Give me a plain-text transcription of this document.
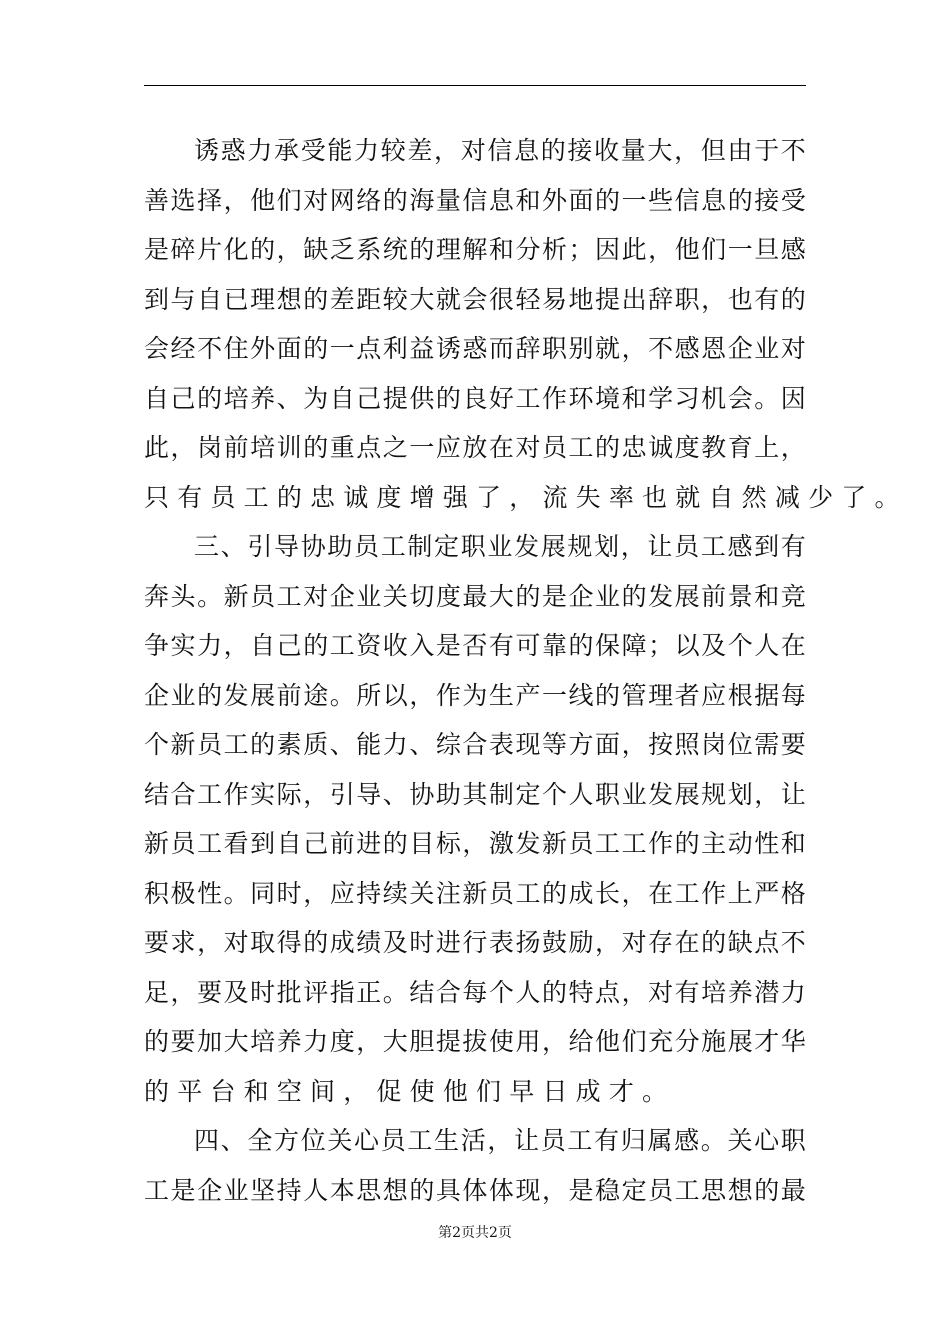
诱 惑 力 承 受 能 力 较 差 ， 对 信 息 的 接 收 量 大 ， 但 由 于 不
善 选 择 ， 他 们 对 网 络 的 海 量 信 息 和 外 面 的 一 些 信 息 的 接 受
是 碎 片 化 的 ， 缺 乏 系 统 的 理 解 和 分 析 ； 因 此 ， 他 们 一 旦 感
到 与 自 已 理 想 的 差 距 较 大 就 会 很 轻 易 地 提 出 辞 职 ， 也 有 的
会 经 不 住 外 面 的 一 点 利 益 诱 惑 而 辞 职 别 就 ， 不 感 恩 企 业 对
自 己 的 培 养 、 为 自 己 提 供 的 良 好 工 作 环 境 和 学 习 机 会 。 因
此 ， 岗 前 培 训 的 重 点 之 一 应 放 在 对 员 工 的 忠 诚 度 教 育 上 ，
只 有 员 工 的 忠 诚 度 增 强 了 ， 流 失 率 也 就 自 然 减 少 了 。
三 、 引 导 协 助 员 工 制 定 职 业 发 展 规 划 ， 让 员 工 感 到 有
奔 头 。 新 员 工 对 企 业 关 切 度 最 大 的 是 企 业 的 发 展 前 景 和 竞
争 实 力 ， 自 己 的 工 资 收 入 是 否 有 可 靠 的 保 障 ； 以 及 个 人 在
企 业 的 发 展 前 途 。 所 以 ， 作 为 生 产 一 线 的 管 理 者 应 根 据 每
个 新 员 工 的 素 质 、 能 力 、 综 合 表 现 等 方 面 ， 按 照 岗 位 需 要
结 合 工 作 实 际 ， 引 导 、 协 助 其 制 定 个 人 职 业 发 展 规 划 ， 让
新 员 工 看 到 自 己 前 进 的 目 标 ， 激 发 新 员 工 工 作 的 主 动 性 和
积 极 性 。 同 时 ， 应 持 续 关 注 新 员 工 的 成 长 ， 在 工 作 上 严 格
要 求 ， 对 取 得 的 成 绩 及 时 进 行 表 扬 鼓 励 ， 对 存 在 的 缺 点 不
足 ， 要 及 时 批 评 指 正 。 结 合 每 个 人 的 特 点 ， 对 有 培 养 潜 力
的 要 加 大 培 养 力 度 ， 大 胆 提 拔 使 用 ， 给 他 们 充 分 施 展 才 华
的 平 台 和 空 间 ， 促 使 他 们 早 日 成 才 。
四 、 全 方 位 关 心 员 工 生 活 ， 让 员 工 有 归 属 感 。 关 心 职
工 是 企 业 坚 持 人 本 思 想 的 具 体 体 现 ， 是 稳 定 员 工 思 想 的 最
第2页共2页
